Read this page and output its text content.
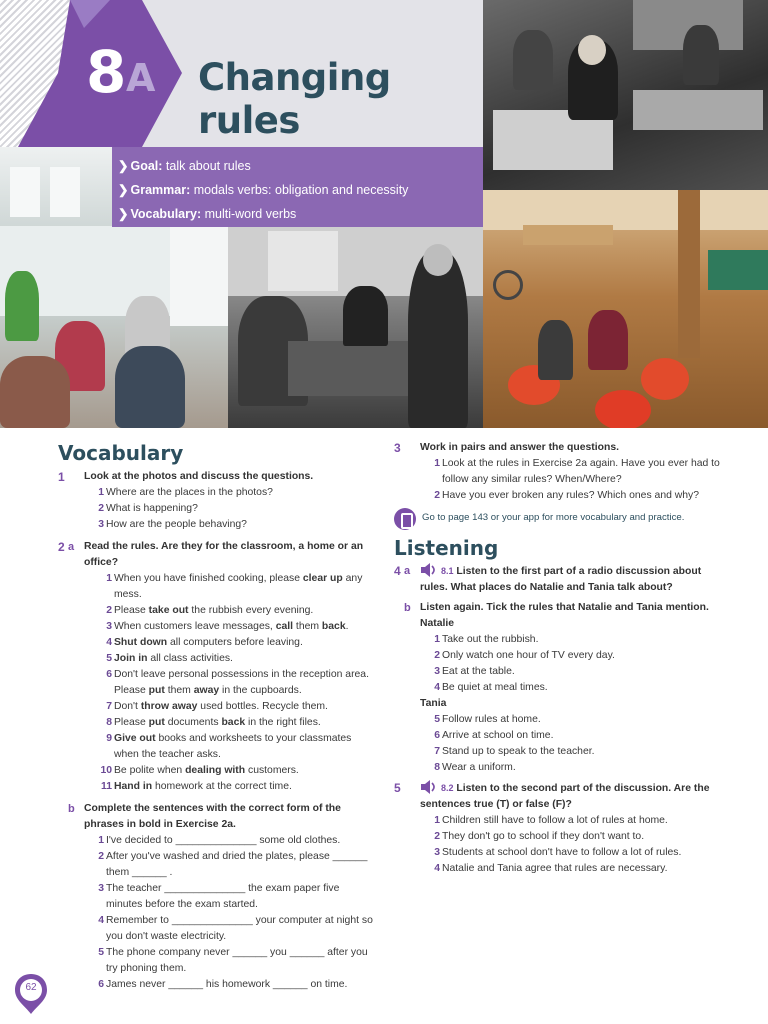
8 A Changing rules
❯ Goal: talk about rules
❯ Grammar: modals verbs: obligation and necessity
❯ Vocabulary: multi-word verbs
Vocabulary
1 Look at the photos and discuss the questions.
1 Where are the places in the photos?
2 What is happening?
3 How are the people behaving?
2 a Read the rules. Are they for the classroom, a home or an office?
1 When you have finished cooking, please clear up any mess.
2 Please take out the rubbish every evening.
3 When customers leave messages, call them back.
4 Shut down all computers before leaving.
5 Join in all class activities.
6 Don't leave personal possessions in the reception area. Please put them away in the cupboards.
7 Don't throw away used bottles. Recycle them.
8 Please put documents back in the right files.
9 Give out books and worksheets to your classmates when the teacher asks.
10 Be polite when dealing with customers.
11 Hand in homework at the correct time.
b Complete the sentences with the correct form of the phrases in bold in Exercise 2a.
1 I've decided to ______________ some old clothes.
2 After you've washed and dried the plates, please ______ them ______ .
3 The teacher ______________ the exam paper five minutes before the exam started.
4 Remember to ______________ your computer at night so you don't waste electricity.
5 The phone company never ______ you ______ after you try phoning them.
6 James never ______ his homework ______ on time.
3 Work in pairs and answer the questions.
1 Look at the rules in Exercise 2a again. Have you ever had to follow any similar rules? When/Where?
2 Have you ever broken any rules? Which ones and why?
Go to page 143 or your app for more vocabulary and practice.
Listening
4 a	8.1 Listen to the first part of a radio discussion about rules. What places do Natalie and Tania talk about?
b Listen again. Tick the rules that Natalie and Tania mention.
Natalie
1 Take out the rubbish.
2 Only watch one hour of TV every day.
3 Eat at the table.
4 Be quiet at meal times.
Tania
5 Follow rules at home.
6 Arrive at school on time.
7 Stand up to speak to the teacher.
8 Wear a uniform.
5	8.2 Listen to the second part of the discussion. Are the sentences true (T) or false (F)?
1 Children still have to follow a lot of rules at home.
2 They don't go to school if they don't want to.
3 Students at school don't have to follow a lot of rules.
4 Natalie and Tania agree that rules are necessary.
62
